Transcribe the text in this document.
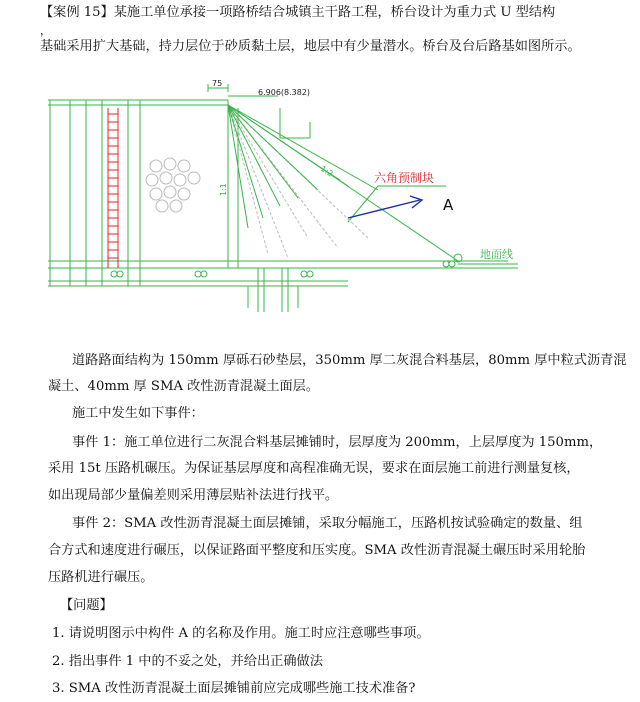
【案例 15】某施工单位承接一项路桥结合城镇主干路工程，桥台设计为重力式 U 型结构
，
基础采用扩大基础，持力层位于砂质黏土层，地层中有少量潜水。桥台及台后路基如图所示。
75
6.906(8.382)
1:2
1:1
六角预制块
A
地面线
道路路面结构为 150mm 厚砾石砂垫层，350mm 厚二灰混合料基层，80mm 厚中粒式沥青混
凝土、40mm 厚 SMA 改性沥青混凝土面层。
施工中发生如下事件：
事件 1：施工单位进行二灰混合料基层摊铺时，层厚度为 200mm，上层厚度为 150mm，
采用 15t 压路机碾压。为保证基层厚度和高程准确无误，要求在面层施工前进行测量复核，
如出现局部少量偏差则采用薄层贴补法进行找平。
事件 2：SMA 改性沥青混凝土面层摊铺，采取分幅施工，压路机按试验确定的数量、组
合方式和速度进行碾压，以保证路面平整度和压实度。SMA 改性沥青混凝土碾压时采用轮胎
压路机进行碾压。
【问题】
1. 请说明图示中构件 A 的名称及作用。施工时应注意哪些事项。
2. 指出事件 1 中的不妥之处，并给出正确做法
3. SMA 改性沥青混凝土面层摊铺前应完成哪些施工技术准备?
